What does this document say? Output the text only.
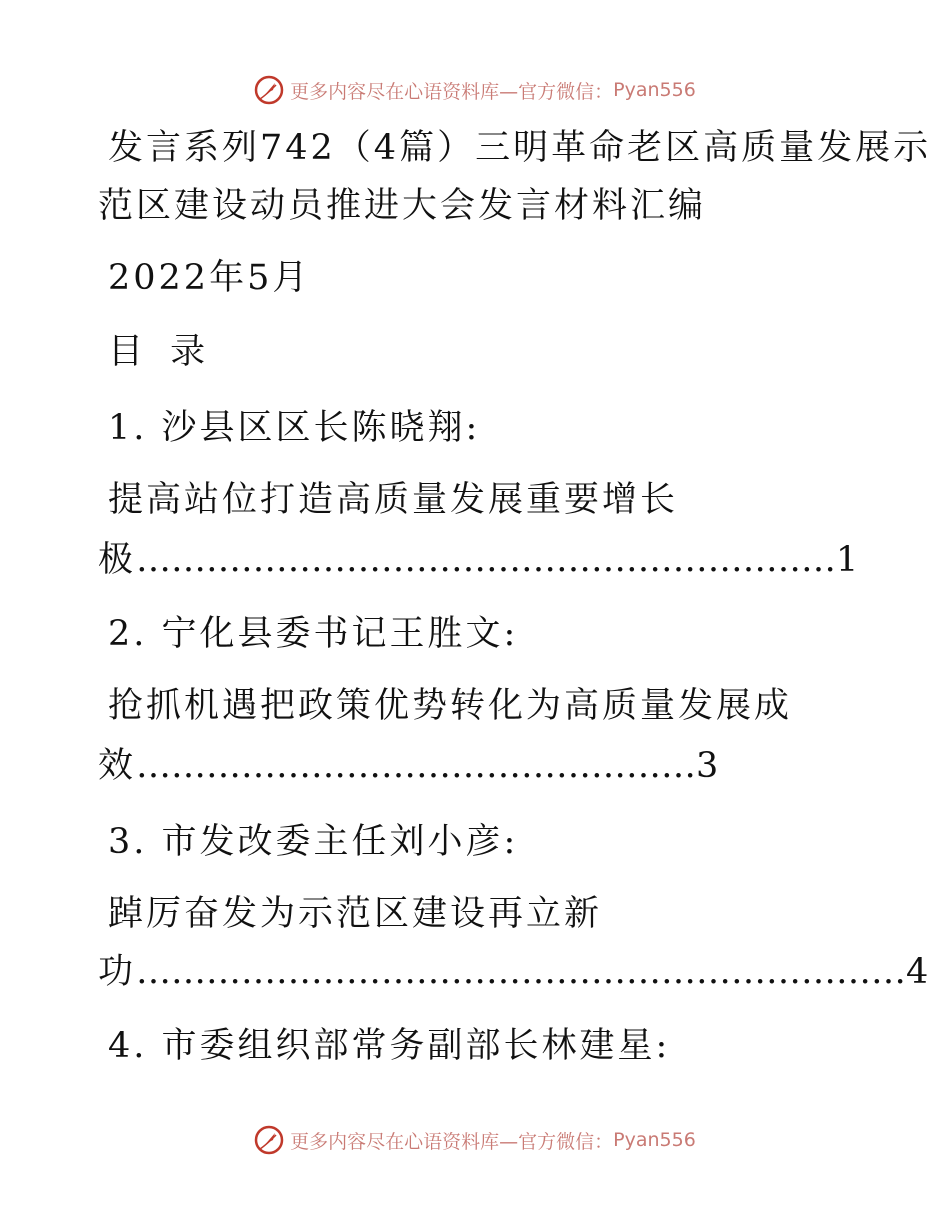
更多内容尽在心语资料库—官方微信： Pyan556
发言系列742（4篇）三明革命老区高质量发展示
范区建设动员推进大会发言材料汇编
2022年5月
目 录
1. 沙县区区长陈晓翔:
提高站位打造高质量发展重要增长
极……………………………………………………1
2. 宁化县委书记王胜文:
抢抓机遇把政策优势转化为高质量发展成
效…………………………………………3
3. 市发改委主任刘小彦:
踔厉奋发为示范区建设再立新
功…………………………………………………………4
4. 市委组织部常务副部长林建星:
更多内容尽在心语资料库—官方微信： Pyan556
